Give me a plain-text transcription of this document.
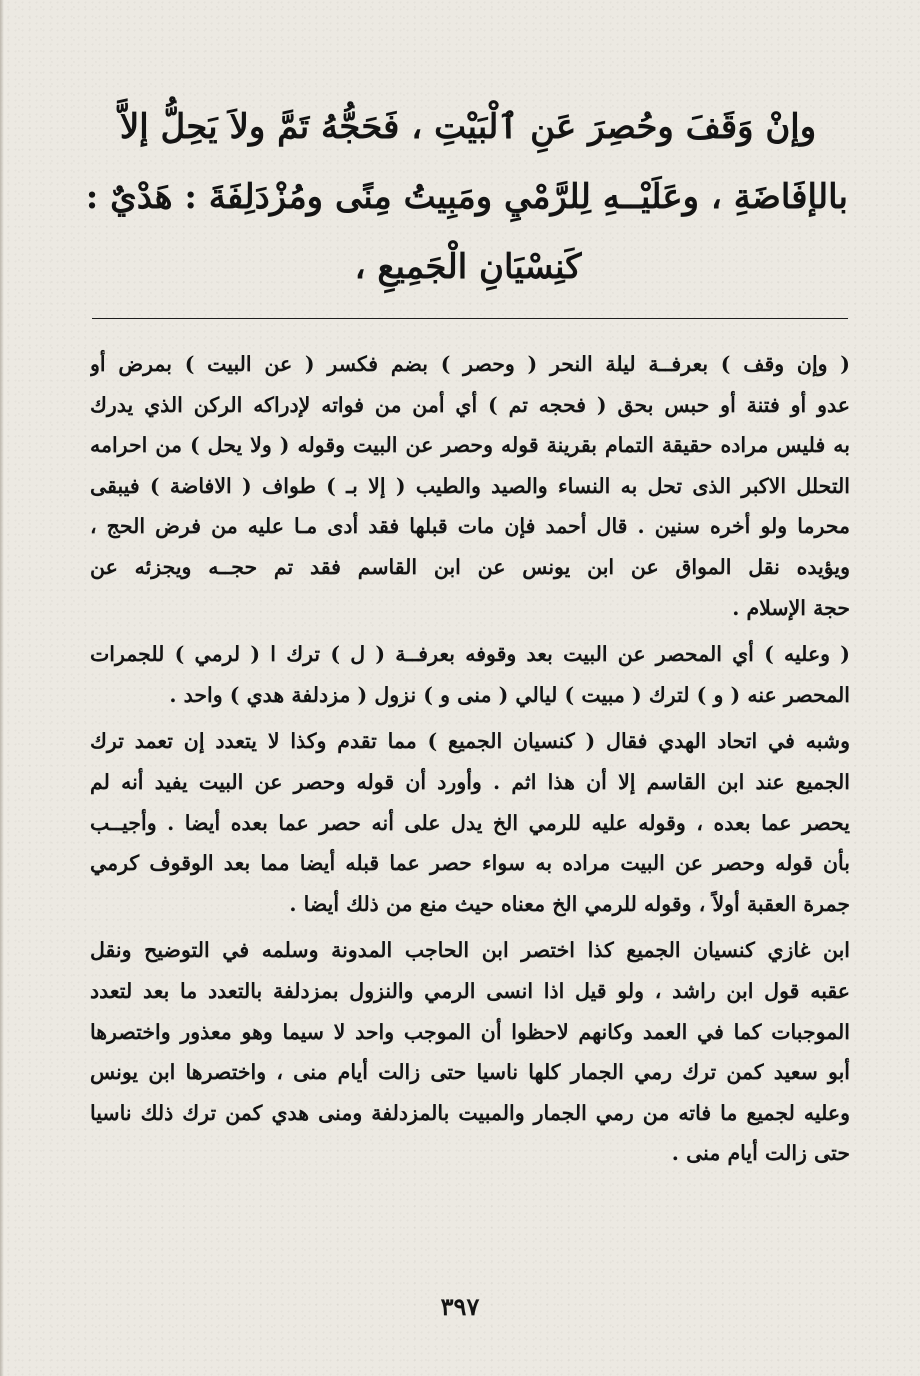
وإنْ وَقَفَ وحُصِرَ عَنِ ٱلْبَيْتِ ، فَحَجُّهُ تَمَّ ولاَ يَحِلُّ إلاَّ
بالإفَاضَةِ ، وعَلَيْــهِ لِلرَّمْيِ ومَبِيتُ مِنًى ومُزْدَلِفَةَ : هَدْيٌ :
كَنِسْيَانِ الْجَمِيعِ ،
( وإن وقف ) بعرفــة ليلة النحر ( وحصر ) بضم فكسر ( عن البيت ) بمرض أو
عدو أو فتنة أو حبس بحق ( فحجه تم ) أي أمن من فواته لإدراكه الركن الذي يدرك
به فليس مراده حقيقة التمام بقرينة قوله وحصر عن البيت وقوله ( ولا يحل ) من احرامه
التحلل الاكبر الذى تحل به النساء والصيد والطيب ( إلا بـ ) طواف ( الافاضة ) فيبقى
محرما ولو أخره سنين . قال أحمد فإن مات قبلها فقد أدى مـا عليه من فرض الحج ،
ويؤيده نقل المواق عن ابن يونس عن ابن القاسم فقد تم حجــه ويجزئه عن
حجة الإسلام .
( وعليه ) أي المحصر عن البيت بعد وقوفه بعرفــة ( ل ) ترك ا ( لرمي ) للجمرات
المحصر عنه ( و ) لترك ( مبيت ) ليالي ( منى و ) نزول ( مزدلفة هدي ) واحد .
وشبه في اتحاد الهدي فقال ( كنسيان الجميع ) مما تقدم وكذا لا يتعدد إن تعمد ترك
الجميع عند ابن القاسم إلا أن هذا اثم . وأورد أن قوله وحصر عن البيت يفيد أنه لم
يحصر عما بعده ، وقوله عليه للرمي الخ يدل على أنه حصر عما بعده أيضا . وأجيــب
بأن قوله وحصر عن البيت مراده به سواء حصر عما قبله أيضا مما بعد الوقوف كرمي
جمرة العقبة أولاً ، وقوله للرمي الخ معناه حيث منع من ذلك أيضا .
ابن غازي كنسيان الجميع كذا اختصر ابن الحاجب المدونة وسلمه في التوضيح ونقل
عقبه قول ابن راشد ، ولو قيل اذا انسى الرمي والنزول بمزدلفة بالتعدد ما بعد لتعدد
الموجبات كما في العمد وكانهم لاحظوا أن الموجب واحد لا سيما وهو معذور واختصرها
أبو سعيد كمن ترك رمي الجمار كلها ناسيا حتى زالت أيام منى ، واختصرها ابن يونس
وعليه لجميع ما فاته من رمي الجمار والمبيت بالمزدلفة ومنى هدي كمن ترك ذلك ناسيا
حتى زالت أيام منى .
٣٩٧
